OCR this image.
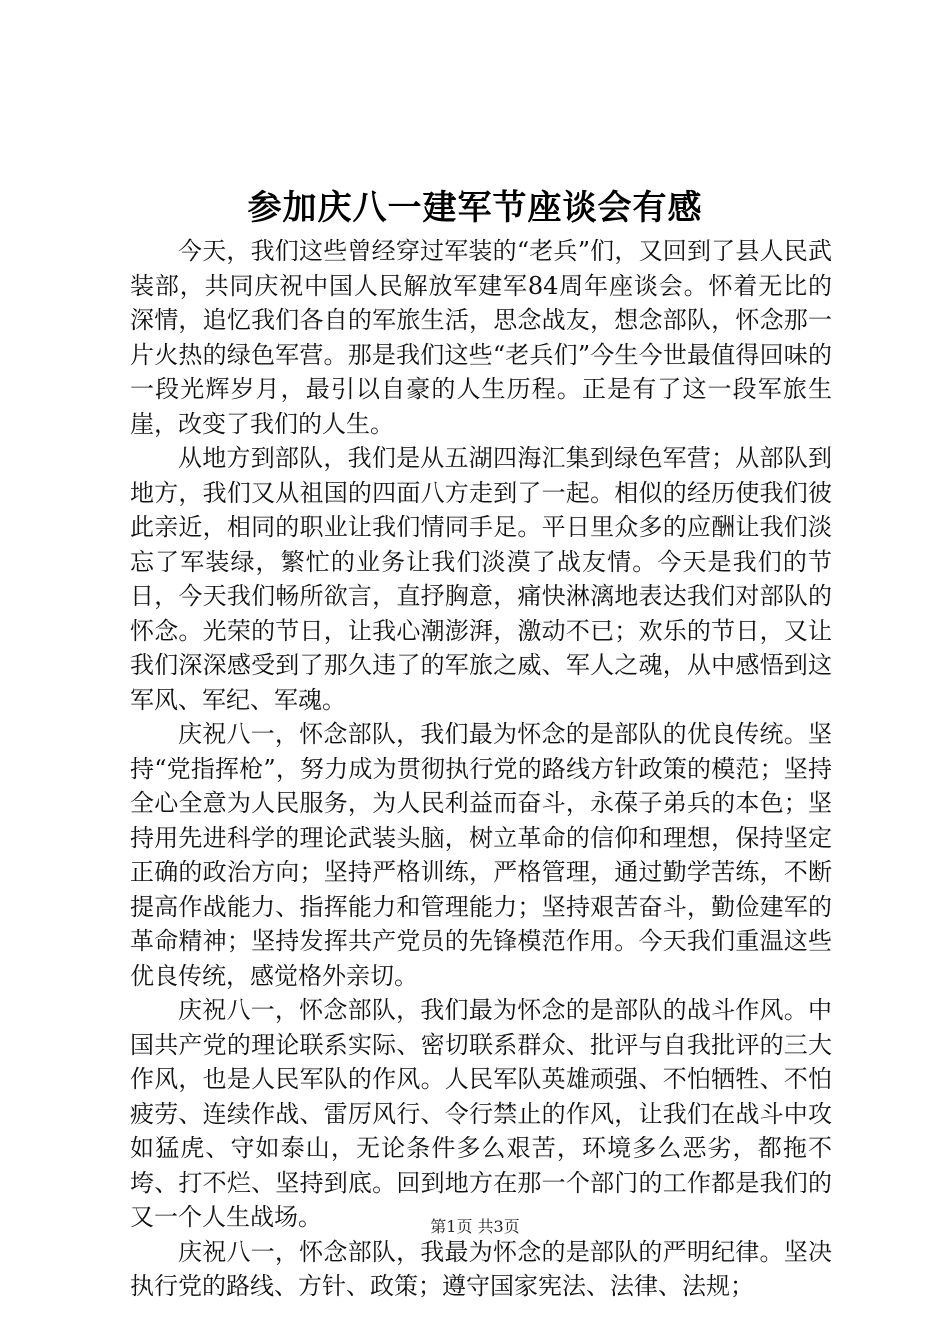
参加庆八一建军节座谈会有感

今天，我们这些曾经穿过军装的“老兵”们，又回到了县人民武装部，共同庆祝中国人民解放军建军84周年座谈会。怀着无比的深情，追忆我们各自的军旅生活，思念战友，想念部队，怀念那一片火热的绿色军营。那是我们这些“老兵们”今生今世最值得回味的一段光辉岁月，最引以自豪的人生历程。正是有了这一段军旅生崖，改变了我们的人生。

从地方到部队，我们是从五湖四海汇集到绿色军营；从部队到地方，我们又从祖国的四面八方走到了一起。相似的经历使我们彼此亲近，相同的职业让我们情同手足。平日里众多的应酬让我们淡忘了军装绿，繁忙的业务让我们淡漠了战友情。今天是我们的节日，今天我们畅所欲言，直抒胸意，痛快淋漓地表达我们对部队的怀念。光荣的节日，让我心潮澎湃，激动不已；欢乐的节日，又让我们深深感受到了那久违了的军旅之威、军人之魂，从中感悟到这军风、军纪、军魂。

庆祝八一，怀念部队，我们最为怀念的是部队的优良传统。坚持“党指挥枪”，努力成为贯彻执行党的路线方针政策的模范；坚持全心全意为人民服务，为人民利益而奋斗，永葆子弟兵的本色；坚持用先进科学的理论武装头脑，树立革命的信仰和理想，保持坚定正确的政治方向；坚持严格训练，严格管理，通过勤学苦练，不断提高作战能力、指挥能力和管理能力；坚持艰苦奋斗，勤俭建军的革命精神；坚持发挥共产党员的先锋模范作用。今天我们重温这些优良传统，感觉格外亲切。

庆祝八一，怀念部队，我们最为怀念的是部队的战斗作风。中国共产党的理论联系实际、密切联系群众、批评与自我批评的三大作风，也是人民军队的作风。人民军队英雄顽强、不怕牺牲、不怕疲劳、连续作战、雷厉风行、令行禁止的作风，让我们在战斗中攻如猛虎、守如泰山，无论条件多么艰苦，环境多么恶劣，都拖不垮、打不烂、坚持到底。回到地方在那一个部门的工作都是我们的又一个人生战场。

庆祝八一，怀念部队，我最为怀念的是部队的严明纪律。坚决执行党的路线、方针、政策；遵守国家宪法、法律、法规；

第1页 共3页
